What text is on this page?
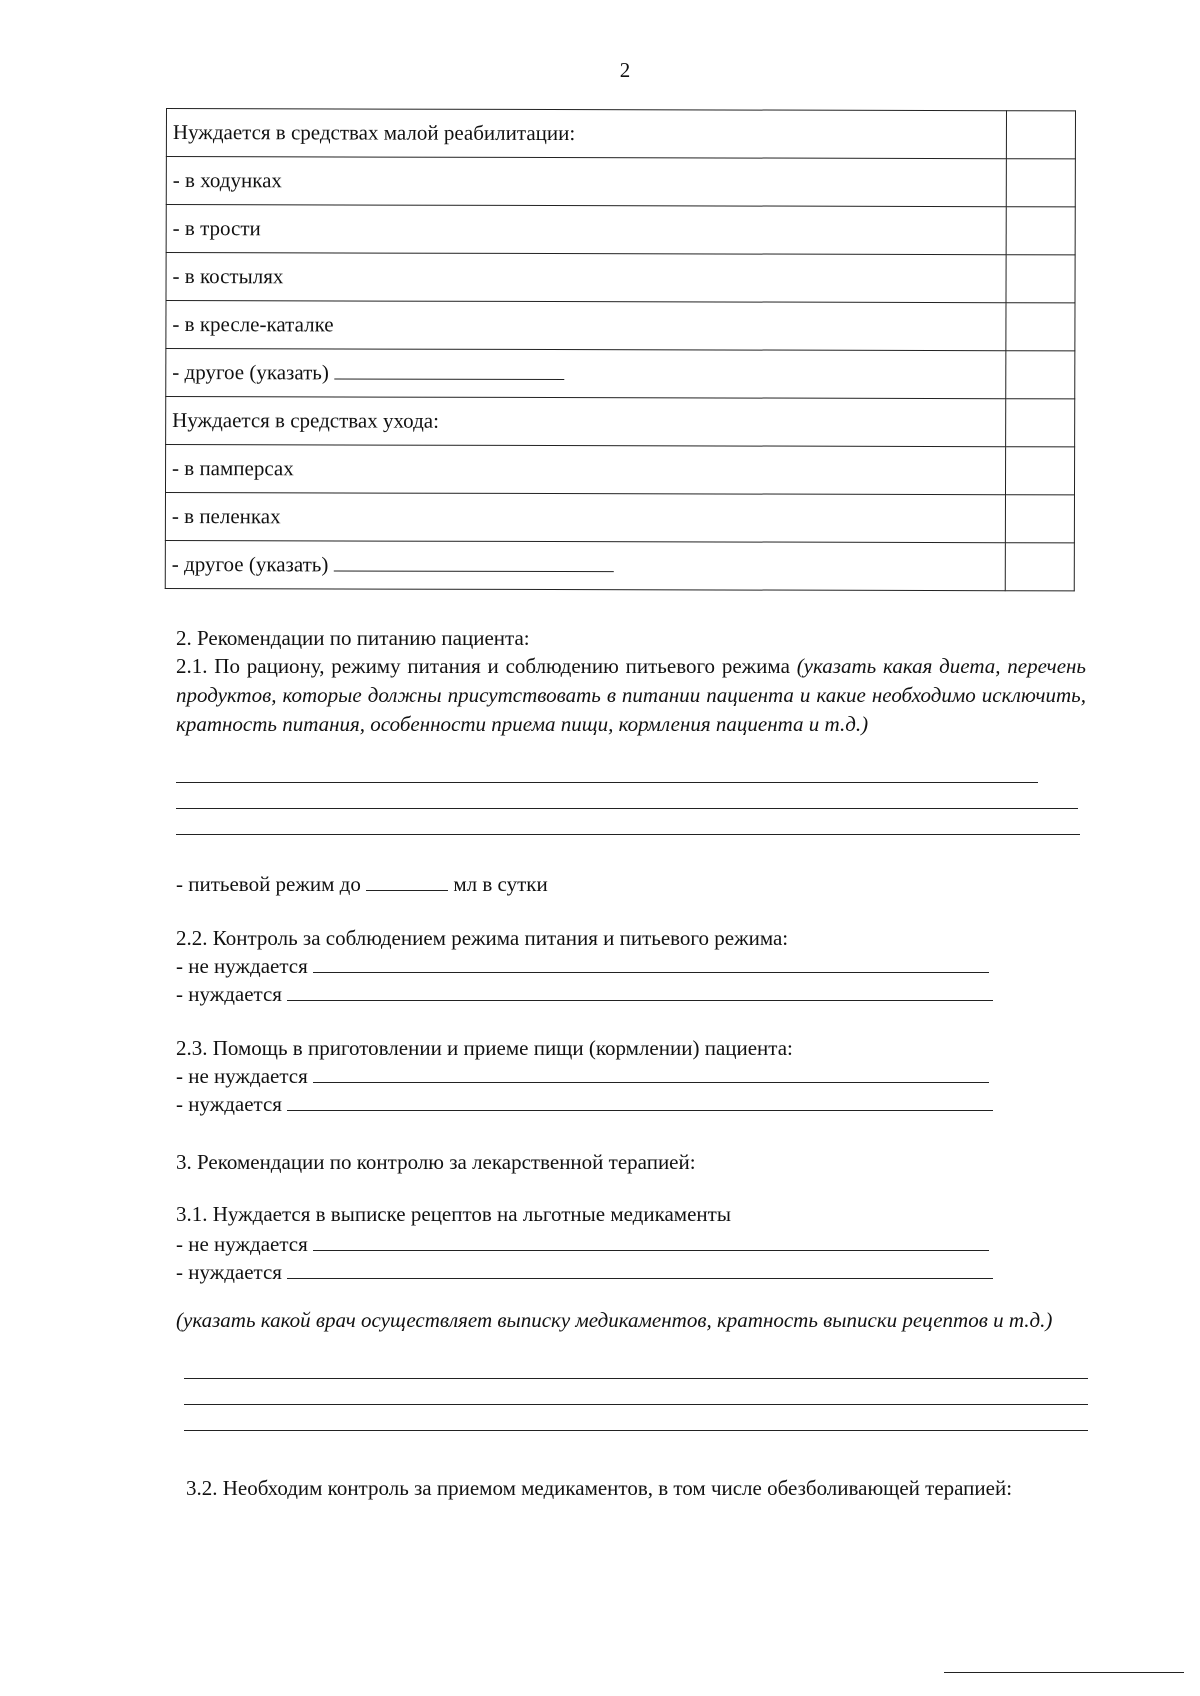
2
Нуждается в средствах малой реабилитации:	
- в ходунках	
- в трости	
- в костылях	
- в кресле-каталке	
- другое (указать)	
Нуждается в средствах ухода:	
- в памперсах	
- в пеленках	
- другое (указать)	
2. Рекомендации по питанию пациента:
2.1. По рациону, режиму питания и соблюдению питьевого режима (указать какая диета, перечень продуктов, которые должны присутствовать в питании пациента и какие необходимо исключить, кратность питания, особенности приема пищи, кормления пациента и т.д.)
- питьевой режим до	мл в сутки
2.2. Контроль за соблюдением режима питания и питьевого режима:
- не нуждается
- нуждается
2.3. Помощь в приготовлении и приеме пищи (кормлении) пациента:
- не нуждается
- нуждается
3. Рекомендации по контролю за лекарственной терапией:
3.1. Нуждается в выписке рецептов на льготные медикаменты
- не нуждается
- нуждается
(указать какой врач осуществляет выписку медикаментов, кратность выписки рецептов и т.д.)
3.2. Необходим контроль за приемом медикаментов, в том числе обезболивающей терапией:
